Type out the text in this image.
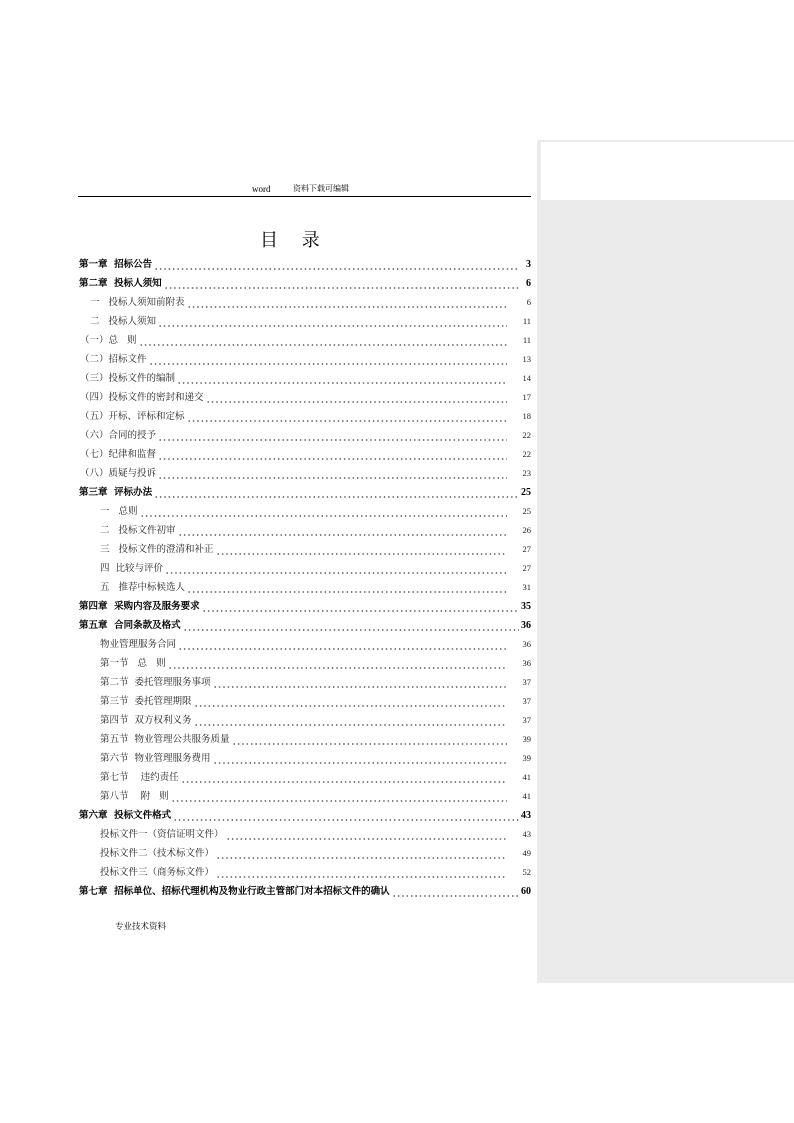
word	资料下载可编辑
目 录
第一章  招标公告	3
第二章  投标人须知	6
一   投标人须知前附表	6
二   投标人须知	11
（一）总   则	11
（二）招标文件	13
（三）投标文件的编制	14
（四）投标文件的密封和递交	17
（五）开标、评标和定标	18
（六）合同的授予	22
（七）纪律和监督	22
（八）质疑与投诉	23
第三章  评标办法	25
一   总则	25
二   投标文件初审	26
三   投标文件的澄清和补正	27
四  比较与评价	27
五   推荐中标候选人	31
第四章  采购内容及服务要求	35
第五章  合同条款及格式	36
物业管理服务合同	36
第一节   总   则	36
第二节  委托管理服务事项	37
第三节  委托管理期限	37
第四节  双方权利义务	37
第五节  物业管理公共服务质量	39
第六节  物业管理服务费用	39
第七节    违约责任	41
第八节    附   则	41
第六章  投标文件格式	43
投标文件一（资信证明文件）	43
投标文件二（技术标文件）	49
投标文件三（商务标文件）	52
第七章  招标单位、招标代理机构及物业行政主管部门对本招标文件的确认	60
专业技术资料
